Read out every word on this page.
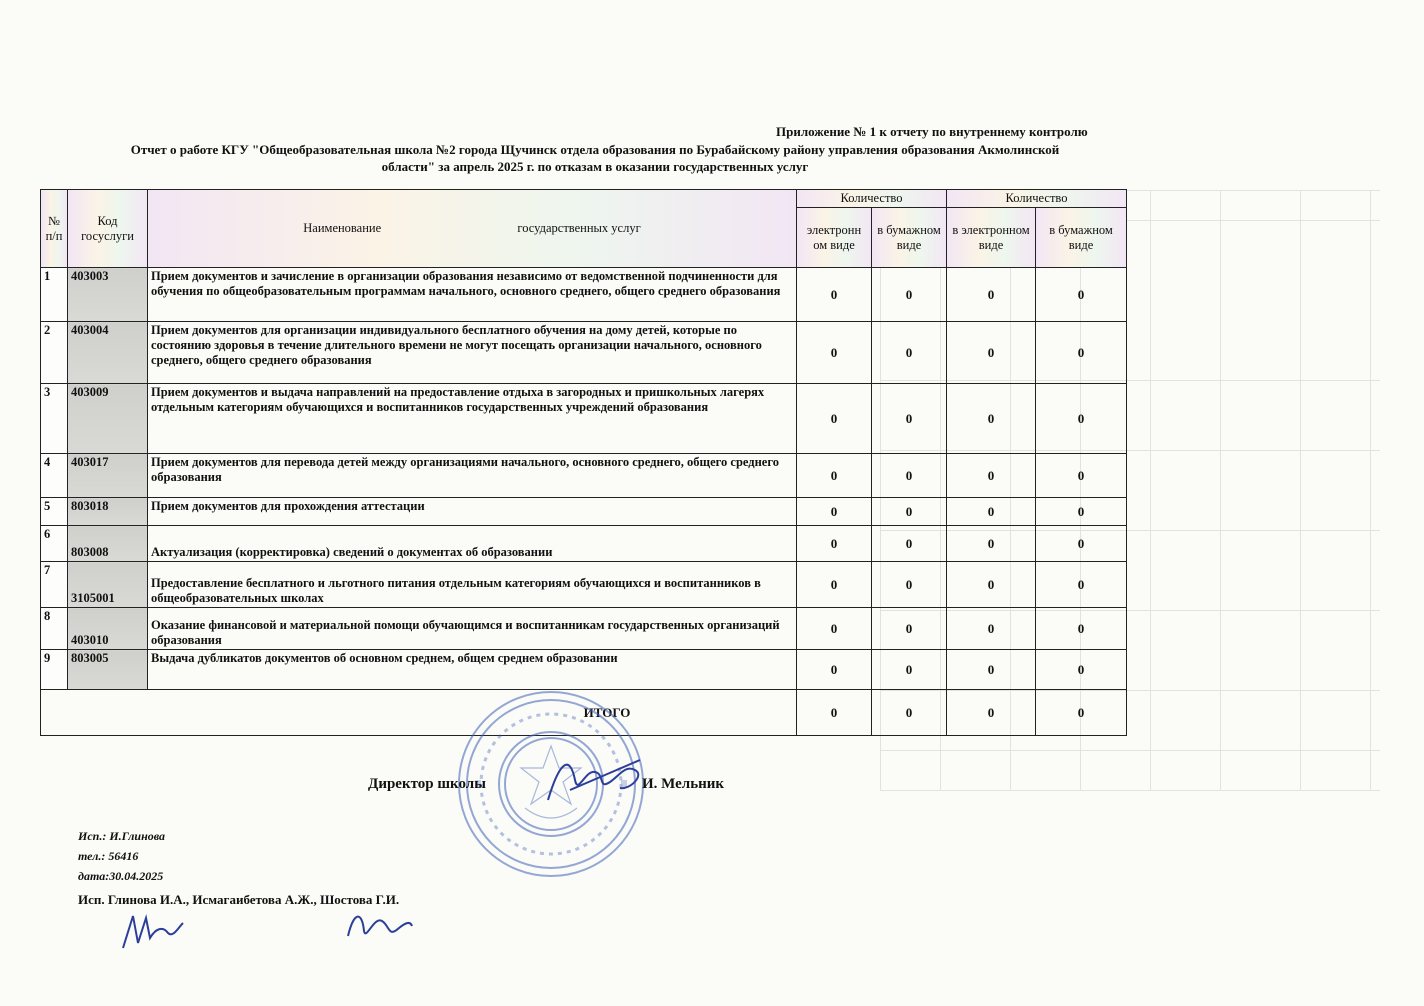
Приложение № 1 к отчету по внутреннему контролю
Отчет о работе КГУ "Общеобразовательная школа №2 города Щучинск отдела образования по Бурабайскому району управления образования Акмолинской
области" за апрель 2025 г. по отказам в оказании государственных услуг
№ п/п	Код госуслуги	Наименование государственных услуг	Количество		Количество	
			электронн ом виде	в бумажном виде	в электронном виде	в бумажном виде
1	403003	Прием документов и зачисление в организации образования независимо от ведомственной подчиненности для обучения по общеобразовательным программам начального, основного среднего, общего среднего образования	0	0	0	0
2	403004	Прием документов для организации индивидуального бесплатного обучения на дому детей, которые по состоянию здоровья в течение длительного времени не могут посещать организации начального, основного среднего, общего среднего образования	0	0	0	0
3	403009	Прием документов и выдача направлений на предоставление отдыха в загородных и пришкольных лагерях отдельным категориям обучающихся и воспитанников государственных учреждений образования	0	0	0	0
4	403017	Прием документов для перевода детей между организациями начального, основного среднего, общего среднего образования	0	0	0	0
5	803018	Прием документов для прохождения аттестации	0	0	0	0
6	803008	Актуализация (корректировка) сведений о документах об образовании	0	0	0	0
7	3105001	Предоставление бесплатного и льготного питания отдельным категориям обучающихся и воспитанников в общеобразовательных школах	0	0	0	0
8	403010	Оказание финансовой и материальной помощи обучающимся и воспитанникам государственных организаций образования	0	0	0	0
9	803005	Выдача дубликатов документов об основном среднем, общем среднем образовании	0	0	0	0
ИТОГО			0	0	0	0
Директор школы	И. Мельник
Исп.: И.Глинова
тел.: 56416
дата:30.04.2025
Исп. Глинова И.А., Исмагаибетова А.Ж., Шостова Г.И.
